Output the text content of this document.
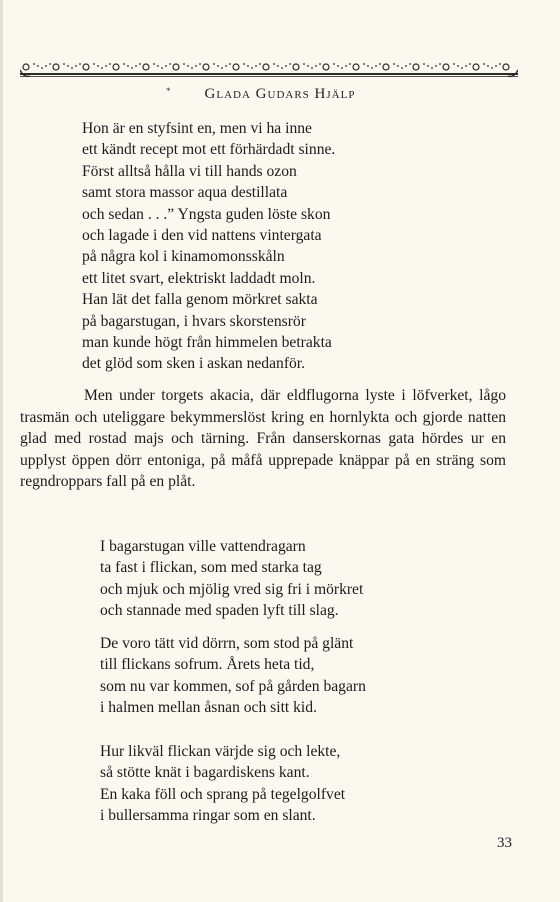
*	Glada Gudars Hjälp
Hon är en styfsint en, men vi ha inne
ett kändt recept mot ett förhärdadt sinne.
Först alltså hålla vi till hands ozon
samt stora massor aqua destillata
och sedan . . .” Yngsta guden löste skon
och lagade i den vid nattens vintergata
på några kol i kinamomonsskåln
ett litet svart, elektriskt laddadt moln.
Han lät det falla genom mörkret sakta
på bagarstugan, i hvars skorstensrör
man kunde högt från himmelen betrakta
det glöd som sken i askan nedanför.

Men under torgets akacia, där eldflugorna lyste i löfverket, lågo trasmän och uteliggare bekymmerslöst kring en hornlykta och gjorde natten glad med rostad majs och tärning. Från danserskornas gata hördes ur en upplyst öppen dörr entoniga, på måfå upprepade knäppar på en sträng som regndroppars fall på en plåt.

I bagarstugan ville vattendragarn
ta fast i flickan, som med starka tag
och mjuk och mjölig vred sig fri i mörkret
och stannade med spaden lyft till slag.
De voro tätt vid dörrn, som stod på glänt
till flickans sofrum. Årets heta tid,
som nu var kommen, sof på gården bagarn
i halmen mellan åsnan och sitt kid.
Hur likväl flickan värjde sig och lekte,
så stötte knät i bagardiskens kant.
En kaka föll och sprang på tegelgolfvet
i bullersamma ringar som en slant.
33
